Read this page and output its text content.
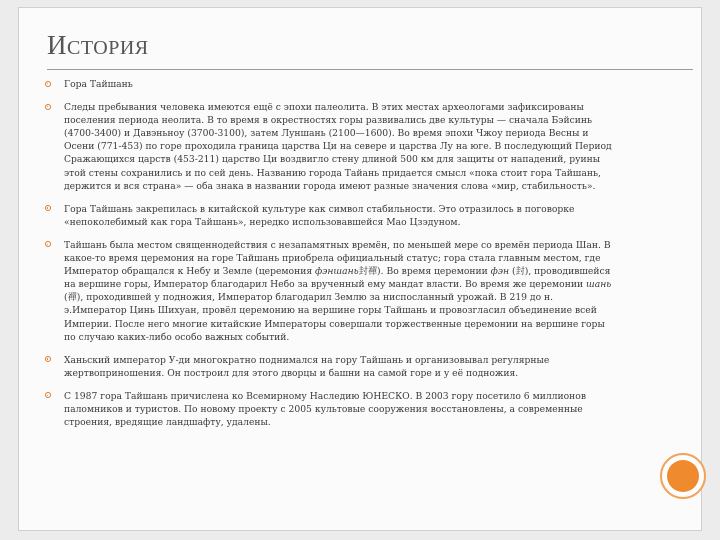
ИСТОРИЯ
Гора Тайшань
Следы пребывания человека имеются ещё с эпохи палеолита. В этих местах археологами зафиксированы поселения периода неолита. В то время в окрестностях горы развивались две культуры — сначала Бэйсинь (4700-3400) и Давэньноу (3700-3100), затем Луншань (2100—1600). Во время эпохи Чжоу периода Весны и Осени (771-453) по горе проходила граница царства Ци на севере и царства Лу на юге. В последующий Период Сражающихся царств (453-211) царство Ци воздвигло стену длиной 500 км для защиты от нападений, руины этой стены сохранились и по сей день. Названию города Тайань придается смысл «пока стоит гора Тайшань, держится и вся страна» — оба знака в названии города имеют разные значения слова «мир, стабильность».
Гора Тайшань закрепилась в китайской культуре как символ стабильности. Это отразилось в поговорке «непоколебимый как гора Тайшань», нередко использовавшейся Мао Цзэдуном.
Тайшань была местом священнодействия с незапамятных времён, по меньшей мере со времён периода Шан. В какое-то время церемония на горе Тайшань приобрела официальный статус; гора стала главным местом, где Император обращался к Небу и Земле (церемония фэншань封禪). Во время церемонии фэн (封), проводившейся на вершине горы, Император благодарил Небо за врученный ему мандат власти. Во время же церемонии шань (禪), проходившей у подножия, Император благодарил Землю за ниспосланный урожай. В 219 до н. э.Император Цинь Шихуан, провёл церемонию на вершине горы Тайшань и провозгласил объединение всей Империи. После него многие китайские Императоры совершали торжественные церемонии на вершине горы по случаю каких-либо особо важных событий.
Ханьский император У-ди многократно поднимался на гору Тайшань и организовывал регулярные жертвоприношения. Он построил для этого дворцы и башни на самой горе и у её подножия.
С 1987 гора Тайшань причислена ко Всемирному Наследию ЮНЕСКО. В 2003 гору посетило 6 миллионов паломников и туристов. По новому проекту с 2005 культовые сооружения восстановлены, а современные строения, вредящие ландшафту, удалены.
